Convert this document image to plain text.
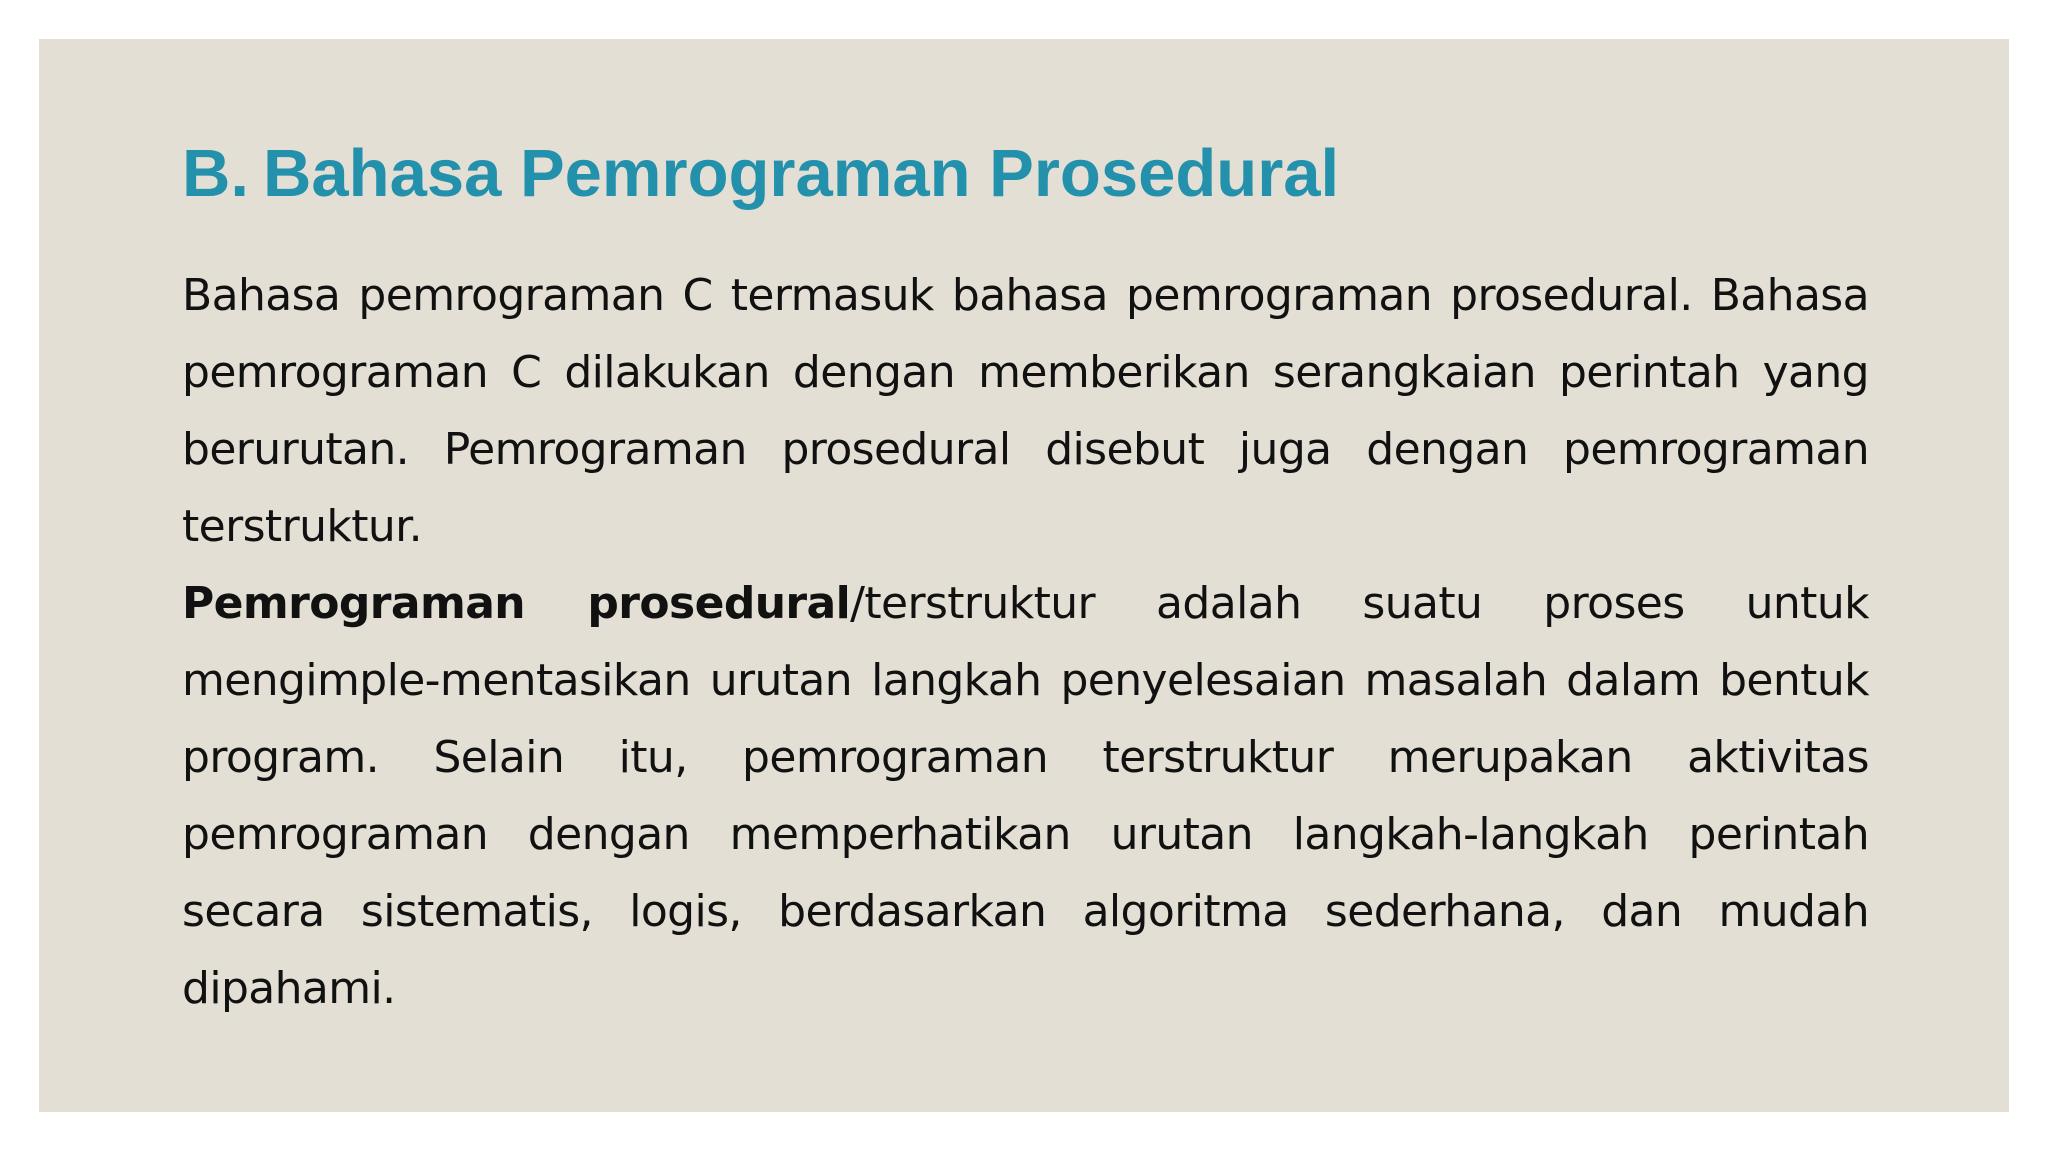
B. Bahasa Pemrograman Prosedural

Bahasa pemrograman C termasuk bahasa pemrograman prosedural. Bahasa pemrograman C dilakukan dengan memberikan serangkaian perintah yang berurutan. Pemrograman prosedural disebut juga dengan pemrograman terstruktur.

Pemrograman prosedural/terstruktur adalah suatu proses untuk mengimple-mentasikan urutan langkah penyelesaian masalah dalam bentuk program. Selain itu, pemrograman terstruktur merupakan aktivitas pemrograman dengan memperhatikan urutan langkah-langkah perintah secara sistematis, logis, berdasarkan algoritma sederhana, dan mudah dipahami.
